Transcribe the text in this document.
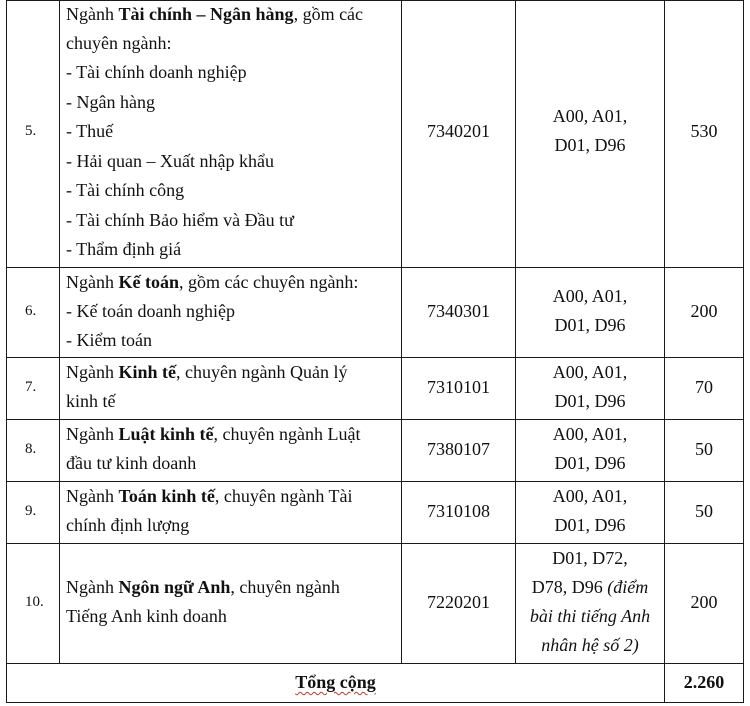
5.
Ngành Tài chính – Ngân hàng, gồm các
chuyên ngành:
- Tài chính doanh nghiệp
- Ngân hàng
- Thuế
- Hải quan – Xuất nhập khẩu
- Tài chính công
- Tài chính Bảo hiểm và Đầu tư
- Thẩm định giá
7340201
A00, A01,
D01, D96
530
6.
Ngành Kế toán, gồm các chuyên ngành:
- Kế toán doanh nghiệp
- Kiểm toán
7340301
A00, A01,
D01, D96
200
7.
Ngành Kinh tế, chuyên ngành Quản lý
kinh tế
7310101
A00, A01,
D01, D96
70
8.
Ngành Luật kinh tế, chuyên ngành Luật
đầu tư kinh doanh
7380107
A00, A01,
D01, D96
50
9.
Ngành Toán kinh tế, chuyên ngành Tài
chính định lượng
7310108
A00, A01,
D01, D96
50
10.
Ngành Ngôn ngữ Anh, chuyên ngành
Tiếng Anh kinh doanh
7220201
D01, D72,
D78, D96 (điểm
bài thi tiếng Anh
nhân hệ số 2)
200
Tổng cộng	2.260
